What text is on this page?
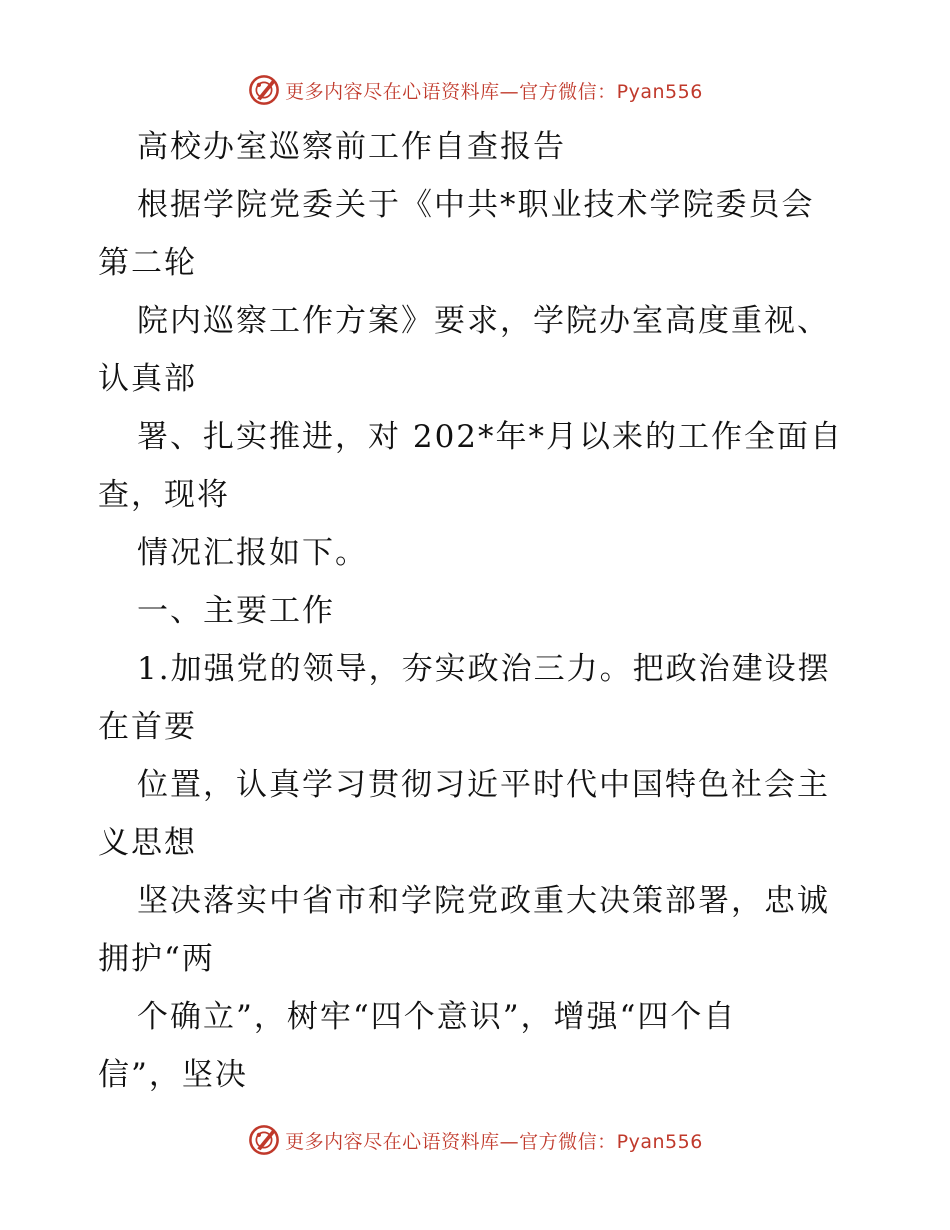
更多内容尽在心语资料库—官方微信：Pyan556
高校办室巡察前工作自查报告
根据学院党委关于《中共*职业技术学院委员会
第二轮
院内巡察工作方案》要求，学院办室高度重视、
认真部
署、扎实推进，对 202*年*月以来的工作全面自
查，现将
情况汇报如下。
一、主要工作
1.加强党的领导，夯实政治三力。把政治建设摆
在首要
位置，认真学习贯彻习近平时代中国特色社会主
义思想
坚决落实中省市和学院党政重大决策部署，忠诚
拥护“两
个确立”，树牢“四个意识”，增强“四个自
信”，坚决
更多内容尽在心语资料库—官方微信：Pyan556
